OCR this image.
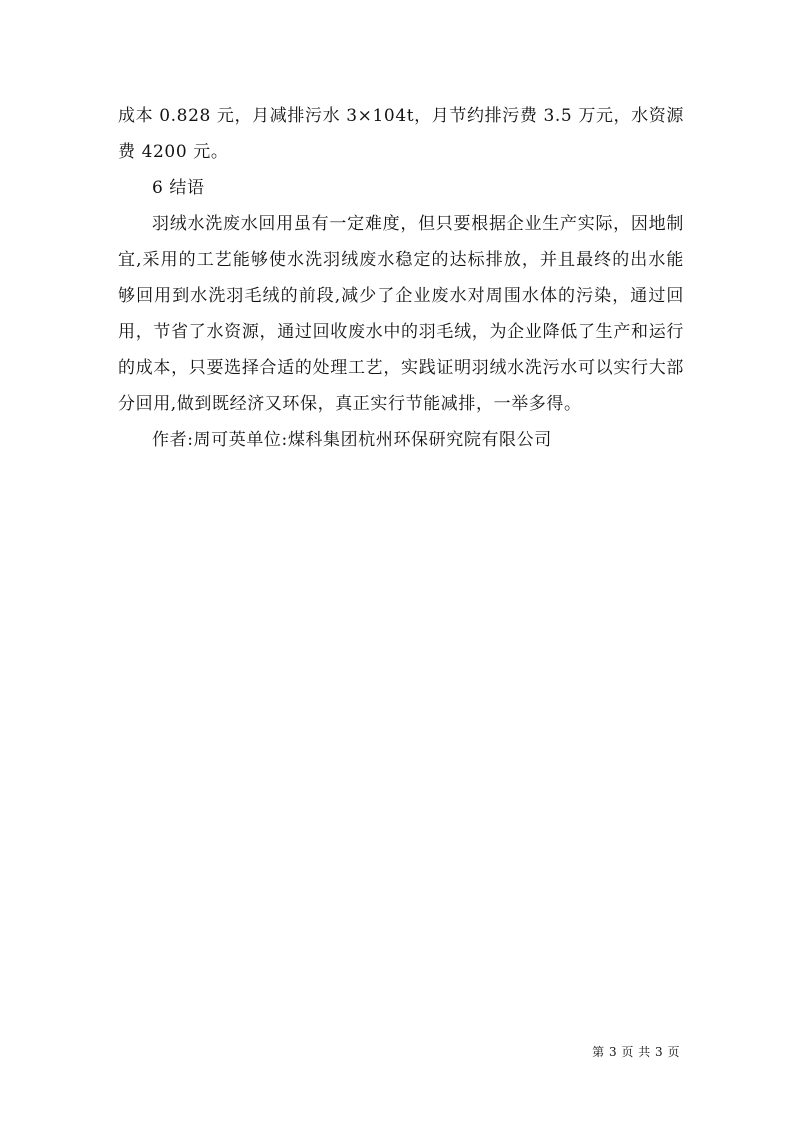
成本 0.828 元，月减排污水 3×104t，月节约排污费 3.5 万元，水资源费 4200 元。

6 结语

羽绒水洗废水回用虽有一定难度，但只要根据企业生产实际，因地制宜,采用的工艺能够使水洗羽绒废水稳定的达标排放，并且最终的出水能够回用到水洗羽毛绒的前段,减少了企业废水对周围水体的污染，通过回用，节省了水资源，通过回收废水中的羽毛绒，为企业降低了生产和运行的成本，只要选择合适的处理工艺，实践证明羽绒水洗污水可以实行大部分回用,做到既经济又环保，真正实行节能减排，一举多得。

作者:周可英单位:煤科集团杭州环保研究院有限公司

第 3 页 共 3 页
